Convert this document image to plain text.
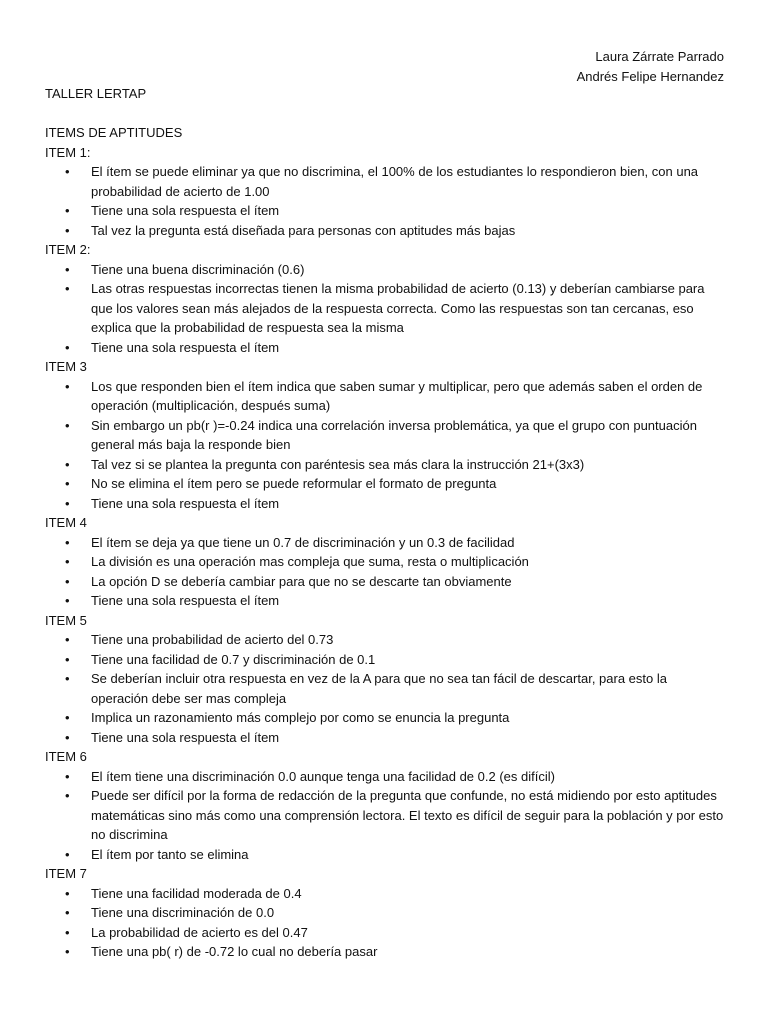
Laura Zárrate Parrado
Andrés Felipe Hernandez
TALLER LERTAP
ITEMS DE APTITUDES
ITEM 1:
• El ítem se puede eliminar ya que no discrimina, el 100% de los estudiantes lo respondieron bien, con una probabilidad de acierto de 1.00
• Tiene una sola respuesta el ítem
• Tal vez la pregunta está diseñada para personas con aptitudes más bajas
ITEM 2:
• Tiene una buena discriminación (0.6)
• Las otras respuestas incorrectas tienen la misma probabilidad de acierto (0.13) y deberían cambiarse para que los valores sean más alejados de la respuesta correcta. Como las respuestas son tan cercanas, eso explica que la probabilidad de respuesta sea la misma
• Tiene una sola respuesta el ítem
ITEM 3
• Los que responden bien el ítem indica que saben sumar y multiplicar, pero que además saben el orden de operación (multiplicación, después suma)
• Sin embargo un pb(r )=-0.24 indica una correlación inversa problemática, ya que el grupo con puntuación general más baja la responde bien
• Tal vez si se plantea la pregunta con paréntesis sea más clara la instrucción 21+(3x3)
• No se elimina el ítem pero se puede reformular el formato de pregunta
• Tiene una sola respuesta el ítem
ITEM 4
• El ítem se deja ya que tiene un 0.7 de discriminación y un 0.3 de facilidad
• La división es una operación mas compleja que suma, resta o multiplicación
• La opción D se debería cambiar para que no se descarte tan obviamente
• Tiene una sola respuesta el ítem
ITEM 5
• Tiene una probabilidad de acierto del 0.73
• Tiene una facilidad de 0.7 y discriminación de 0.1
• Se deberían incluir otra respuesta en vez de la A para que no sea tan fácil de descartar, para esto la operación debe ser mas compleja
• Implica un razonamiento más complejo por como se enuncia la pregunta
• Tiene una sola respuesta el ítem
ITEM 6
• El ítem tiene una discriminación 0.0 aunque tenga una facilidad de 0.2 (es difícil)
• Puede ser difícil por la forma de redacción de la pregunta que confunde, no está midiendo por esto aptitudes matemáticas sino más como una comprensión lectora. El texto es difícil de seguir para la población y por esto no discrimina
• El ítem por tanto se elimina
ITEM 7
• Tiene una facilidad moderada de 0.4
• Tiene una discriminación de 0.0
• La probabilidad de acierto es del 0.47
• Tiene una pb( r) de -0.72 lo cual no debería pasar
